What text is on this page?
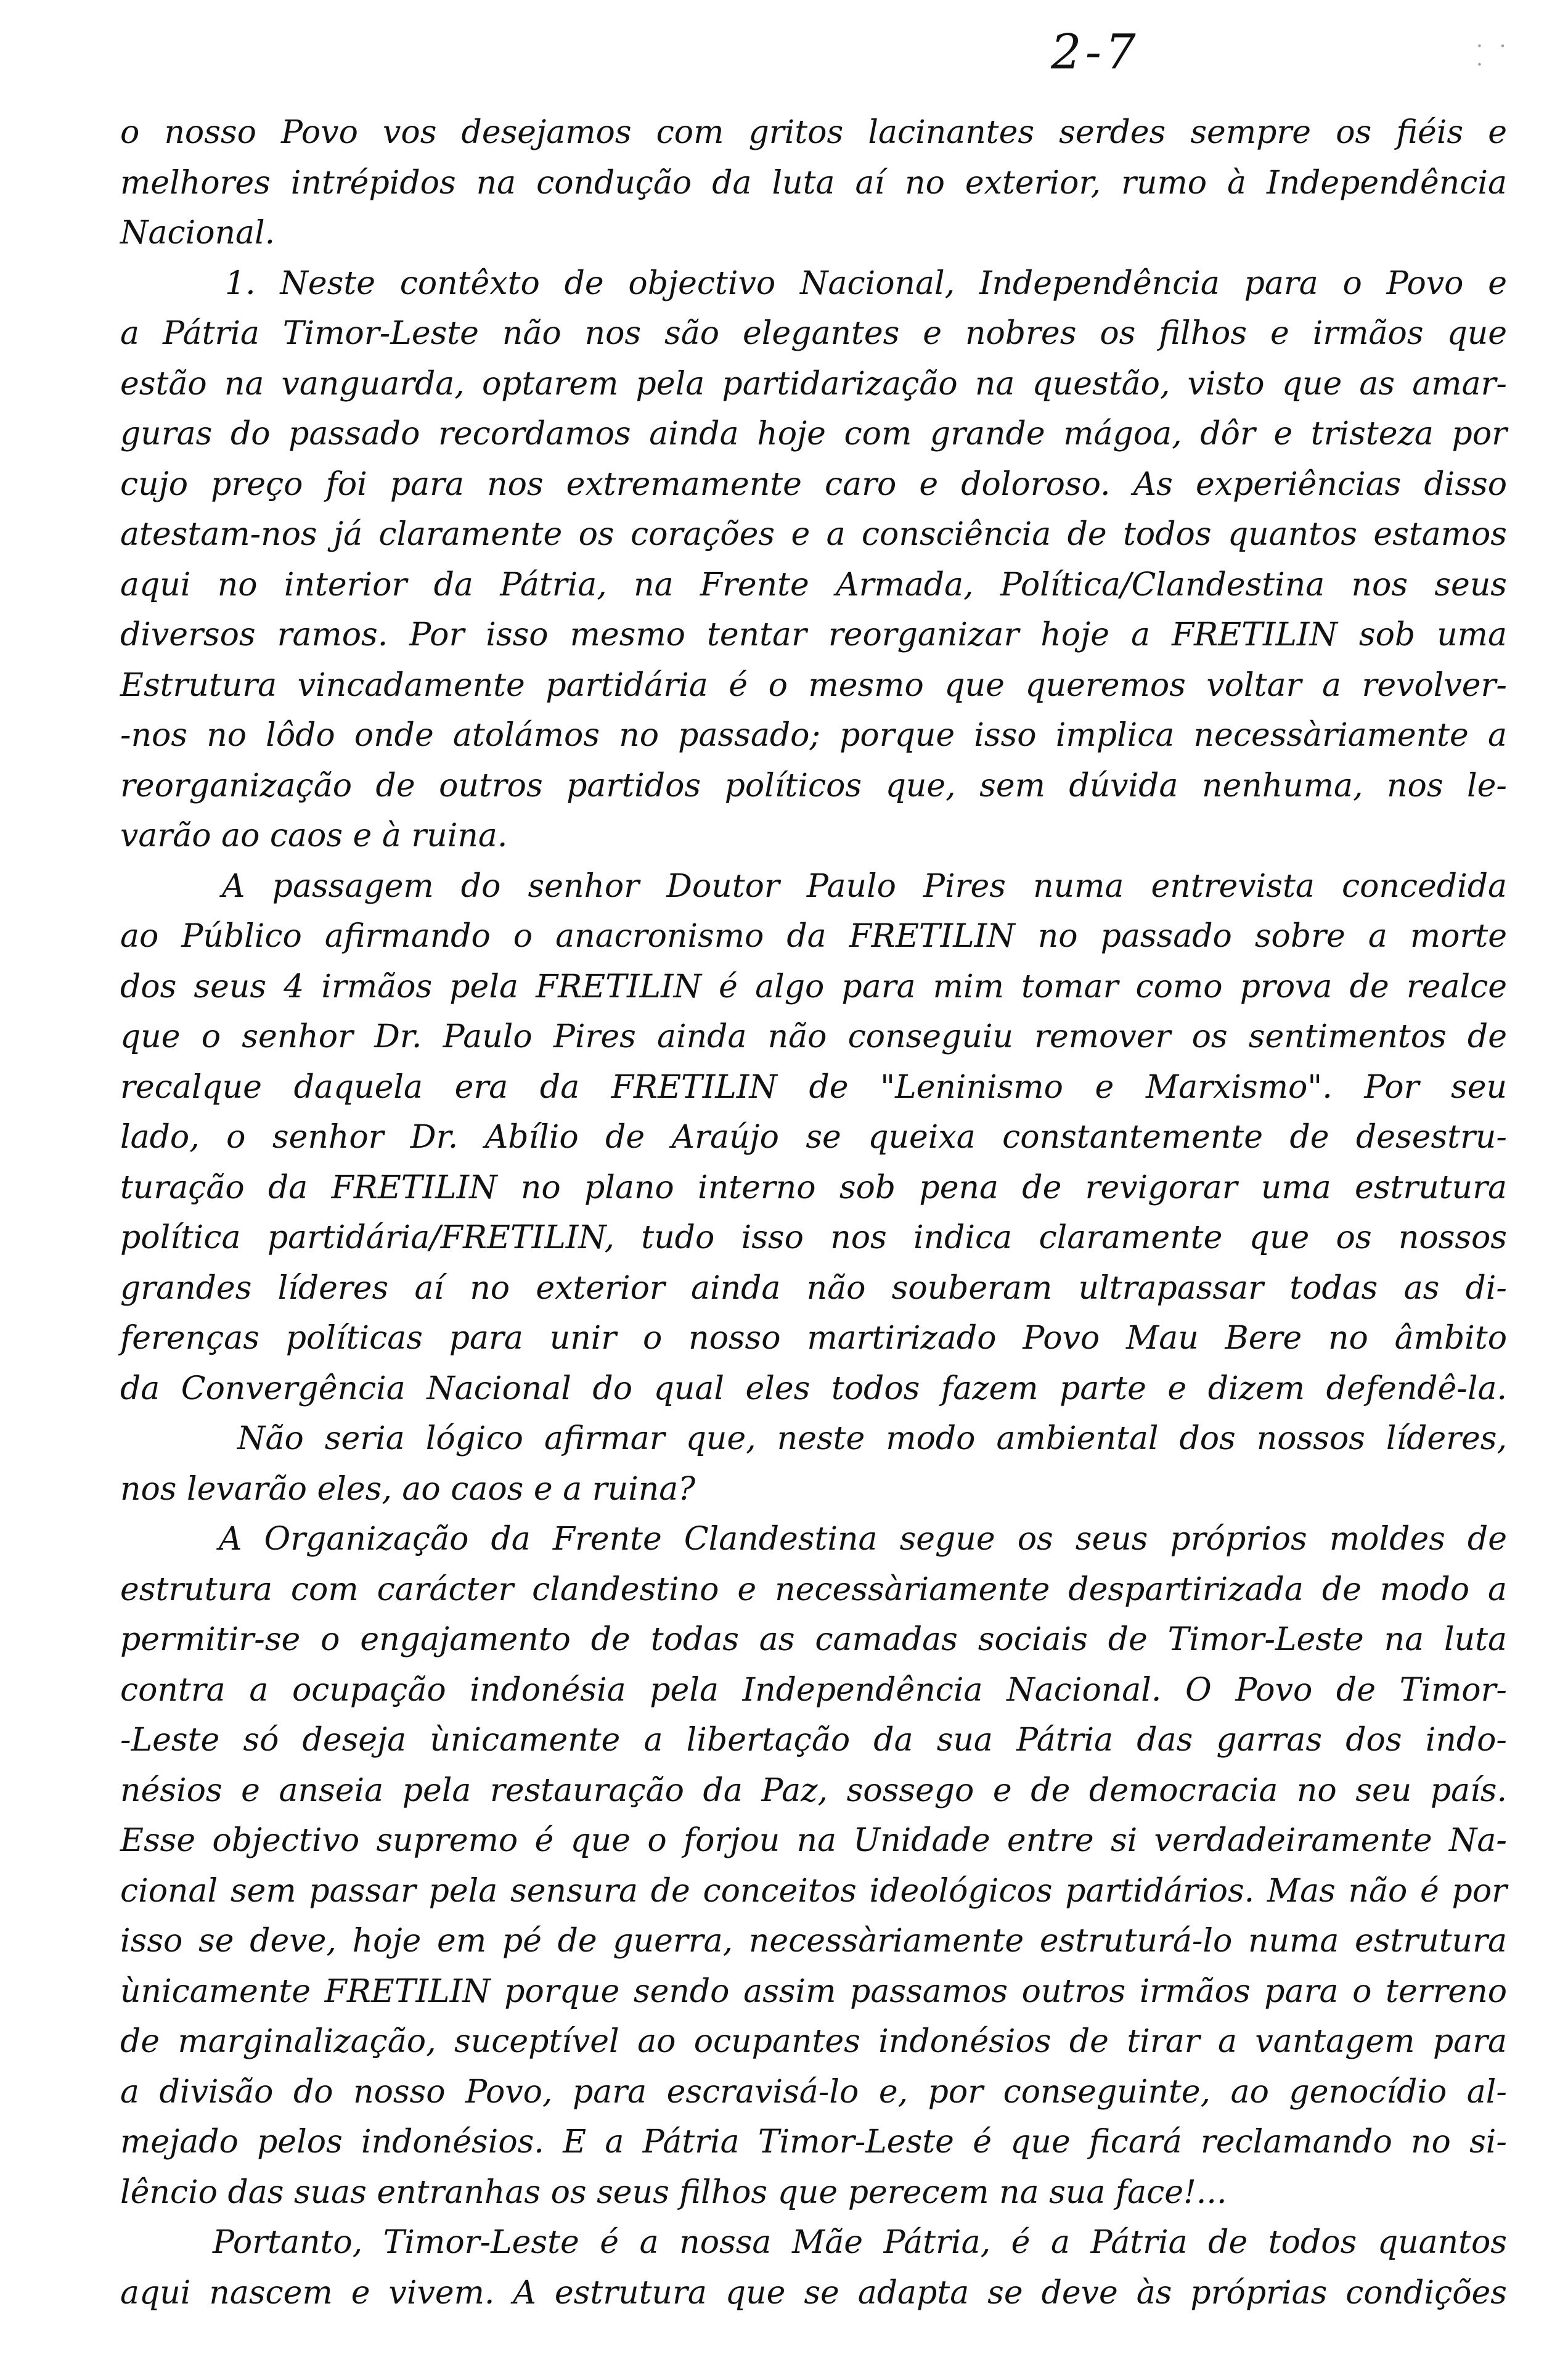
2-7	· · ·
o nosso Povo vos desejamos com gritos lacinantes serdes sempre os fiéis e
melhores intrépidos na condução da luta aí no exterior, rumo à Independência
Nacional.
1. Neste contêxto de objectivo Nacional, Independência para o Povo e
a Pátria Timor-Leste não nos são elegantes e nobres os filhos e irmãos que
estão na vanguarda, optarem pela partidarização na questão, visto que as amar-
guras do passado recordamos ainda hoje com grande mágoa, dôr e tristeza por
cujo preço foi para nos extremamente caro e doloroso. As experiências disso
atestam-nos já claramente os corações e a consciência de todos quantos estamos
aqui no interior da Pátria, na Frente Armada, Política/Clandestina nos seus
diversos ramos. Por isso mesmo tentar reorganizar hoje a FRETILIN sob uma
Estrutura vincadamente partidária é o mesmo que queremos voltar a revolver-
-nos no lôdo onde atolámos no passado; porque isso implica necessàriamente a
reorganização de outros partidos políticos que, sem dúvida nenhuma, nos le-
varão ao caos e à ruina.
A passagem do senhor Doutor Paulo Pires numa entrevista concedida
ao Público afirmando o anacronismo da FRETILIN no passado sobre a morte
dos seus 4 irmãos pela FRETILIN é algo para mim tomar como prova de realce
que o senhor Dr. Paulo Pires ainda não conseguiu remover os sentimentos de
recalque daquela era da FRETILIN de "Leninismo e Marxismo". Por seu
lado, o senhor Dr. Abílio de Araújo se queixa constantemente de desestru-
turação da FRETILIN no plano interno sob pena de revigorar uma estrutura
política partidária/FRETILIN, tudo isso nos indica claramente que os nossos
grandes líderes aí no exterior ainda não souberam ultrapassar todas as di-
ferenças políticas para unir o nosso martirizado Povo Mau Bere no âmbito
da Convergência Nacional do qual eles todos fazem parte e dizem defendê-la.
Não seria lógico afirmar que, neste modo ambiental dos nossos líderes,
nos levarão eles, ao caos e a ruina?
A Organização da Frente Clandestina segue os seus próprios moldes de
estrutura com carácter clandestino e necessàriamente despartirizada de modo a
permitir-se o engajamento de todas as camadas sociais de Timor-Leste na luta
contra a ocupação indonésia pela Independência Nacional. O Povo de Timor-
-Leste só deseja ùnicamente a libertação da sua Pátria das garras dos indo-
nésios e anseia pela restauração da Paz, sossego e de democracia no seu país.
Esse objectivo supremo é que o forjou na Unidade entre si verdadeiramente Na-
cional sem passar pela sensura de conceitos ideológicos partidários. Mas não é por
isso se deve, hoje em pé de guerra, necessàriamente estruturá-lo numa estrutura
ùnicamente FRETILIN porque sendo assim passamos outros irmãos para o terreno
de marginalização, suceptível ao ocupantes indonésios de tirar a vantagem para
a divisão do nosso Povo, para escravisá-lo e, por conseguinte, ao genocídio al-
mejado pelos indonésios. E a Pátria Timor-Leste é que ficará reclamando no si-
lêncio das suas entranhas os seus filhos que perecem na sua face!...
Portanto, Timor-Leste é a nossa Mãe Pátria, é a Pátria de todos quantos
aqui nascem e vivem. A estrutura que se adapta se deve às próprias condições
